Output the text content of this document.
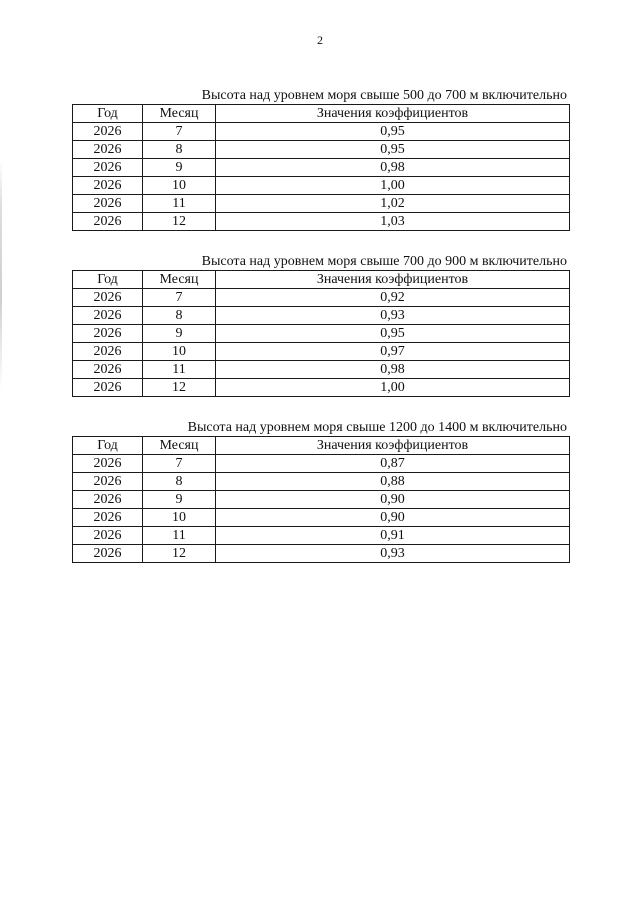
2
Высота над уровнем моря свыше 500 до 700 м включительно
Год	Месяц	Значения коэффициентов
2026	7	0,95
2026	8	0,95
2026	9	0,98
2026	10	1,00
2026	11	1,02
2026	12	1,03
Высота над уровнем моря свыше 700 до 900 м включительно
Год	Месяц	Значения коэффициентов
2026	7	0,92
2026	8	0,93
2026	9	0,95
2026	10	0,97
2026	11	0,98
2026	12	1,00
Высота над уровнем моря свыше 1200 до 1400 м включительно
Год	Месяц	Значения коэффициентов
2026	7	0,87
2026	8	0,88
2026	9	0,90
2026	10	0,90
2026	11	0,91
2026	12	0,93
